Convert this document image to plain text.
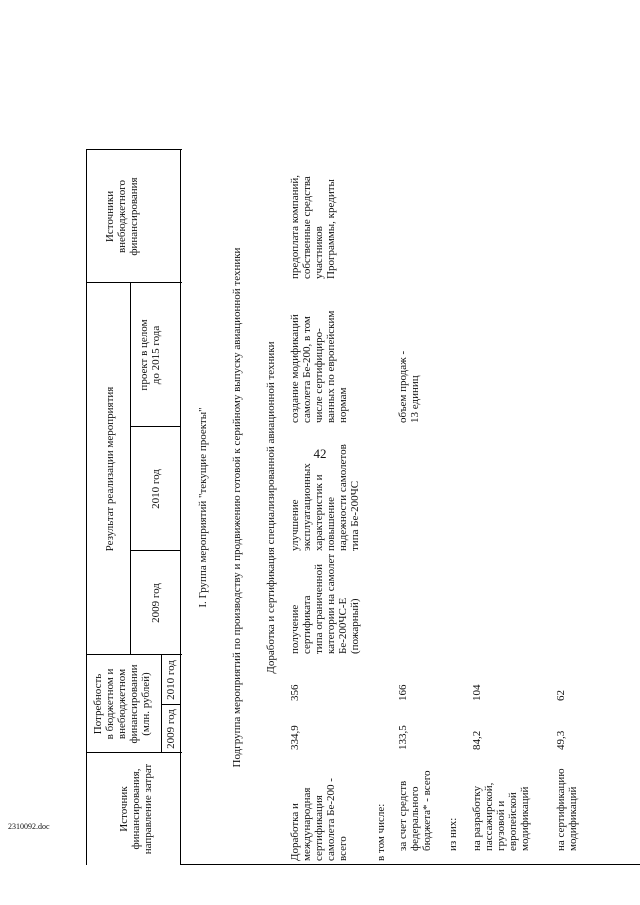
42
Источник финансирования, направление затрат
Потребность в бюджетном и внебюджетном финансировании (млн. рублей) 2009 год
2010 год
Результат реализации мероприятия
2009 год
2010 год
проект в целом до 2015 года
Источники внебюджетного финансирования
I. Группа мероприятий "текущие проекты" Подгруппа мероприятий по производству и продвижению готовой к серийному выпуску авиационной техники Доработка и сертификация специализированной авиационной техники
Доработка и международная сертификация самолета Бе-200 - всего
334,9
356
получение сертификата типа ограниченной категории на самолет Бе-200ЧС-Е (пожарный)
улучшение эксплуатационных характеристик и повышение надежности самолетов типа Бе-200ЧС
создание модификаций самолета Бе-200, в том числе сертифициро- ванных по европейским нормам
предоплата компаний, собственные средства участников Программы, кредиты
в том числе: за счет средств федерального бюджета* - всего
133,5
166
объем продаж - 13 единиц
из них: на разработку пассажирской, грузовой и европейской модификаций
84,2
104
на сертификацию модификаций
49,3
62
2310092.doc
